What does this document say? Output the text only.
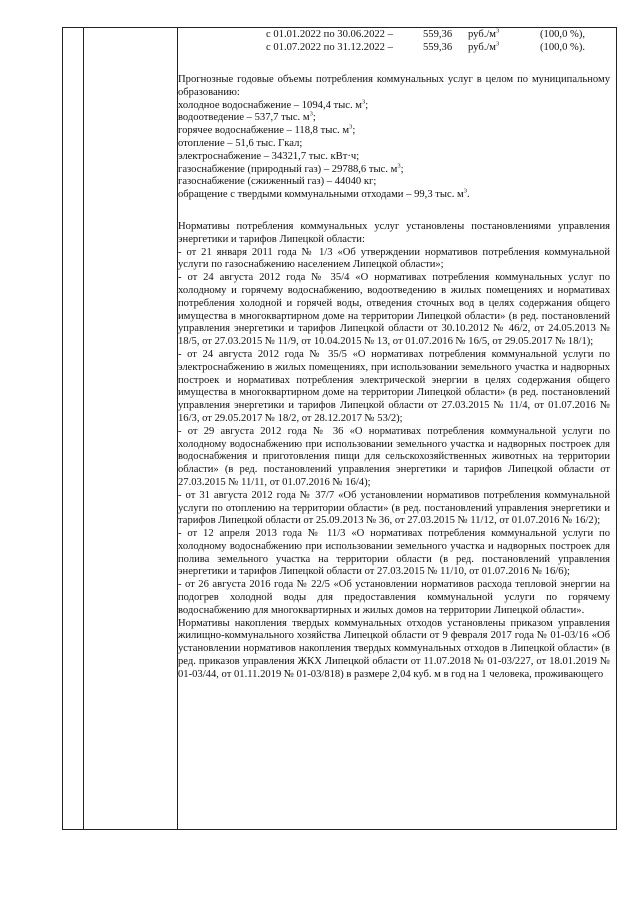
с 01.01.2022 по 30.06.2022 –	559,36 $руб./м^3$	(100,0 %),
с 01.07.2022 по 31.12.2022 –	559,36 $руб./м^3$	(100,0 %).

Прогнозные годовые объемы потребления коммунальных услуг в целом по муниципальному образованию:

холодное водоснабжение – 1094,4 тыс. $м^3$;
водоотведение – 537,7 тыс. $м^3$;
горячее водоснабжение – 118,8 тыс. $м^3$;
отопление – 51,6 тыс. Гкал;
электроснабжение – 34321,7 тыс. кВт·ч;
газоснабжение (природный газ) – 29788,6 тыс. $м^3$;
газоснабжение (сжиженный газ) – 44040 кг;
обращение с твердыми коммунальными отходами – 99,3 тыс. $м^3$.

Нормативы потребления коммунальных услуг установлены постановлениями управления энергетики и тарифов Липецкой области:

- от 21 января 2011 года № 1/3 «Об утверждении нормативов потребления коммунальной услуги по газоснабжению населением Липецкой области»;

- от 24 августа 2012 года № 35/4 «О нормативах потребления коммунальных услуг по холодному и горячему водоснабжению, водоотведению в жилых помещениях и нормативах потребления холодной и горячей воды, отведения сточных вод в целях содержания общего имущества в многоквартирном доме на территории Липецкой области» (в ред. постановлений управления энергетики и тарифов Липецкой области от 30.10.2012 № 46/2, от 24.05.2013 № 18/5, от 27.03.2015 № 11/9, от 10.04.2015 № 13, от 01.07.2016 № 16/5, от 29.05.2017 № 18/1);

- от 24 августа 2012 года № 35/5 «О нормативах потребления коммунальной услуги по электроснабжению в жилых помещениях, при использовании земельного участка и надворных построек и нормативах потребления электрической энергии в целях содержания общего имущества в многоквартирном доме на территории Липецкой области» (в ред. постановлений управления энергетики и тарифов Липецкой области от 27.03.2015 № 11/4, от 01.07.2016 № 16/3, от 29.05.2017 № 18/2, от 28.12.2017 № 53/2);

- от 29 августа 2012 года № 36 «О нормативах потребления коммунальной услуги по холодному водоснабжению при использовании земельного участка и надворных построек для водоснабжения и приготовления пищи для сельскохозяйственных животных на территории области» (в ред. постановлений управления энергетики и тарифов Липецкой области от 27.03.2015 № 11/11, от 01.07.2016 № 16/4);

- от 31 августа 2012 года № 37/7 «Об установлении нормативов потребления коммунальной услуги по отоплению на территории области» (в ред. постановлений управления энергетики и тарифов Липецкой области от 25.09.2013 № 36, от 27.03.2015 № 11/12, от 01.07.2016 № 16/2);

- от 12 апреля 2013 года № 11/3 «О нормативах потребления коммунальной услуги по холодному водоснабжению при использовании земельного участка и надворных построек для полива земельного участка на территории области (в ред. постановлений управления энергетики и тарифов Липецкой области от 27.03.2015 № 11/10, от 01.07.2016 № 16/6);

- от 26 августа 2016 года № 22/5 «Об установлении нормативов расхода тепловой энергии на подогрев холодной воды для предоставления коммунальной услуги по горячему водоснабжению для многоквартирных и жилых домов на территории Липецкой области».

Нормативы накопления твердых коммунальных отходов установлены приказом управления жилищно-коммунального хозяйства Липецкой области от 9 февраля 2017 года № 01-03/16 «Об установлении нормативов накопления твердых коммунальных отходов в Липецкой области» (в ред. приказов управления ЖКХ Липецкой области от 11.07.2018 № 01-03/227, от 18.01.2019 № 01-03/44, от 01.11.2019 № 01-03/818) в размере 2,04 куб. м в год на 1 человека, проживающего
